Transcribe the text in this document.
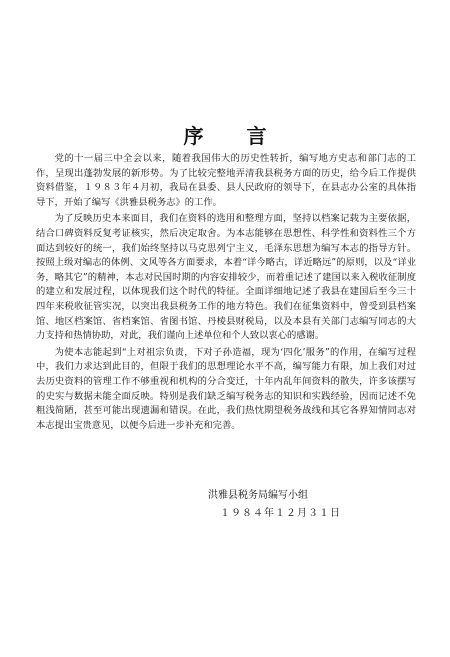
序 言

党的十一届三中全会以来，随着我国伟大的历史性转折，编写地方史志和部门志的工作，呈现出蓬勃发展的新形势。为了比较完整地弄清我县税务方面的历史，给今后工作提供资料借鉴，１９８３年４月初，我局在县委、县人民政府的领导下，在县志办公室的具体指导下，开始了编写《洪雅县税务志》的工作。

为了反映历史本来面目，我们在资料的选用和整理方面，坚持以档案记载为主要依据，结合口碑资料反复考证核实，然后决定取舍。为本志能够在思想性、科学性和资料性三个方面达到较好的统一，我们始终坚持以马克思列宁主义，毛泽东思想为编写本志的指导方针。按照上级对编志的体例、文风等各方面要求，本着“详今略古，详近略远”的原则，以及“详业务，略其它”的精神，本志对民国时期的内容安排较少，而着重记述了建国以来入税收征制度的建立和发展过程，以体现我们这个时代的特征。全面详细地记述了我县在建国后至今三十四年来税收征管实况，以突出我县税务工作的地方特色。我们在征集资料中，曾受到县档案馆、地区档案馆、省档案馆、省图书馆、丹棱县财税局，以及本县有关部门志编写同志的大力支持和热情协助，对此，我们谨向上述单位和个人致以衷心的感谢。

为使本志能起到“上对祖宗负责，下对子孙造福，现为‘四化’服务”的作用，在编写过程中，我们力求达到此目的，但限于我们的思想理论水平不高，编写能力有限，加上我们对过去历史资料的管理工作不够重视和机构的分合变迁，十年内乱年间资料的散失，许多该摆写的史实与数据未能全面反映。特别是我们缺乏编写税务志的知识和实践经验，因而记述不免粗浅简陋，甚至可能出现遗漏和错误。在此，我们热忱期望税务战线和其它各界知情同志对本志提出宝贵意见，以便今后进一步补充和完善。

洪雅县税务局编写小组
１９８４年１２月３１日
